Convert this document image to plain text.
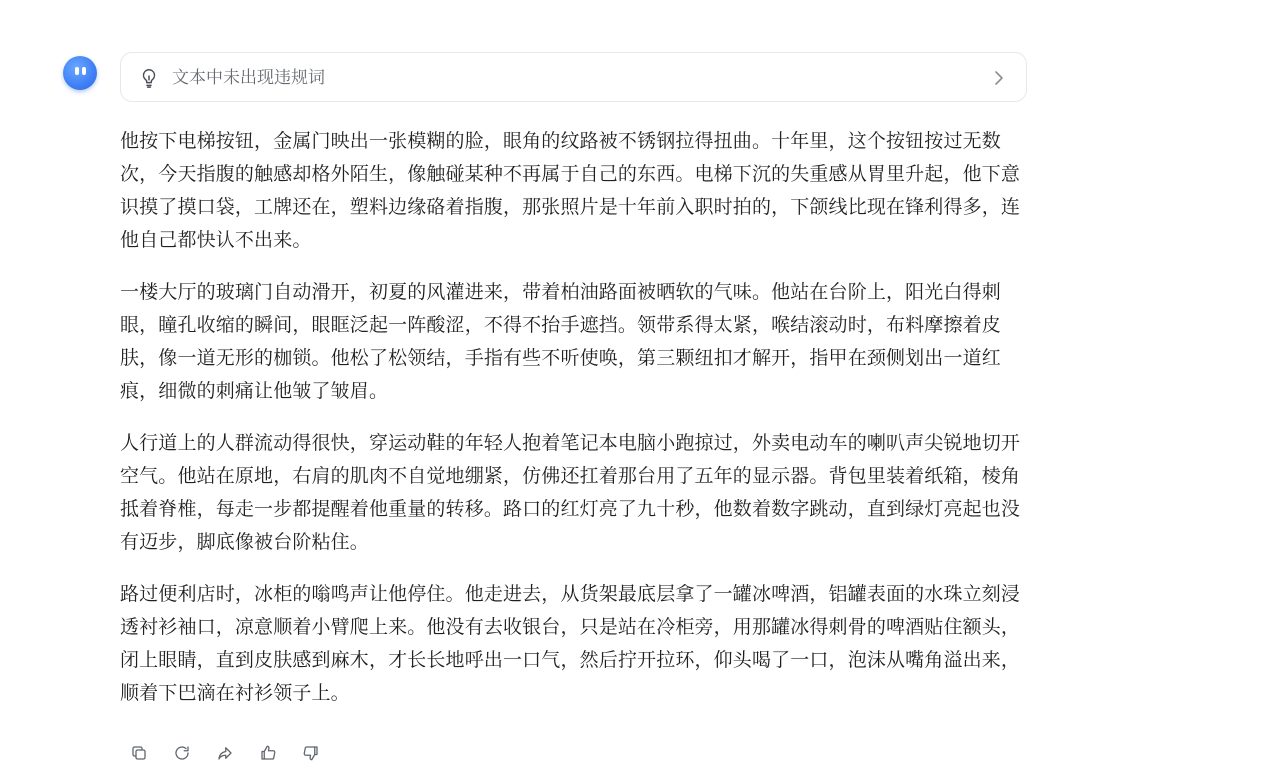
文本中未出现违规词

他按下电梯按钮，金属门映出一张模糊的脸，眼角的纹路被不锈钢拉得扭曲。十年里，这个按钮按过无数次，今天指腹的触感却格外陌生，像触碰某种不再属于自己的东西。电梯下沉的失重感从胃里升起，他下意识摸了摸口袋，工牌还在，塑料边缘硌着指腹，那张照片是十年前入职时拍的，下颌线比现在锋利得多，连他自己都快认不出来。

一楼大厅的玻璃门自动滑开，初夏的风灌进来，带着柏油路面被晒软的气味。他站在台阶上，阳光白得刺眼，瞳孔收缩的瞬间，眼眶泛起一阵酸涩，不得不抬手遮挡。领带系得太紧，喉结滚动时，布料摩擦着皮肤，像一道无形的枷锁。他松了松领结，手指有些不听使唤，第三颗纽扣才解开，指甲在颈侧划出一道红痕，细微的刺痛让他皱了皱眉。

人行道上的人群流动得很快，穿运动鞋的年轻人抱着笔记本电脑小跑掠过，外卖电动车的喇叭声尖锐地切开空气。他站在原地，右肩的肌肉不自觉地绷紧，仿佛还扛着那台用了五年的显示器。背包里装着纸箱，棱角抵着脊椎，每走一步都提醒着他重量的转移。路口的红灯亮了九十秒，他数着数字跳动，直到绿灯亮起也没有迈步，脚底像被台阶粘住。

路过便利店时，冰柜的嗡鸣声让他停住。他走进去，从货架最底层拿了一罐冰啤酒，铝罐表面的水珠立刻浸透衬衫袖口，凉意顺着小臂爬上来。他没有去收银台，只是站在冷柜旁，用那罐冰得刺骨的啤酒贴住额头，闭上眼睛，直到皮肤感到麻木，才长长地呼出一口气，然后拧开拉环，仰头喝了一口，泡沫从嘴角溢出来，顺着下巴滴在衬衫领子上。
